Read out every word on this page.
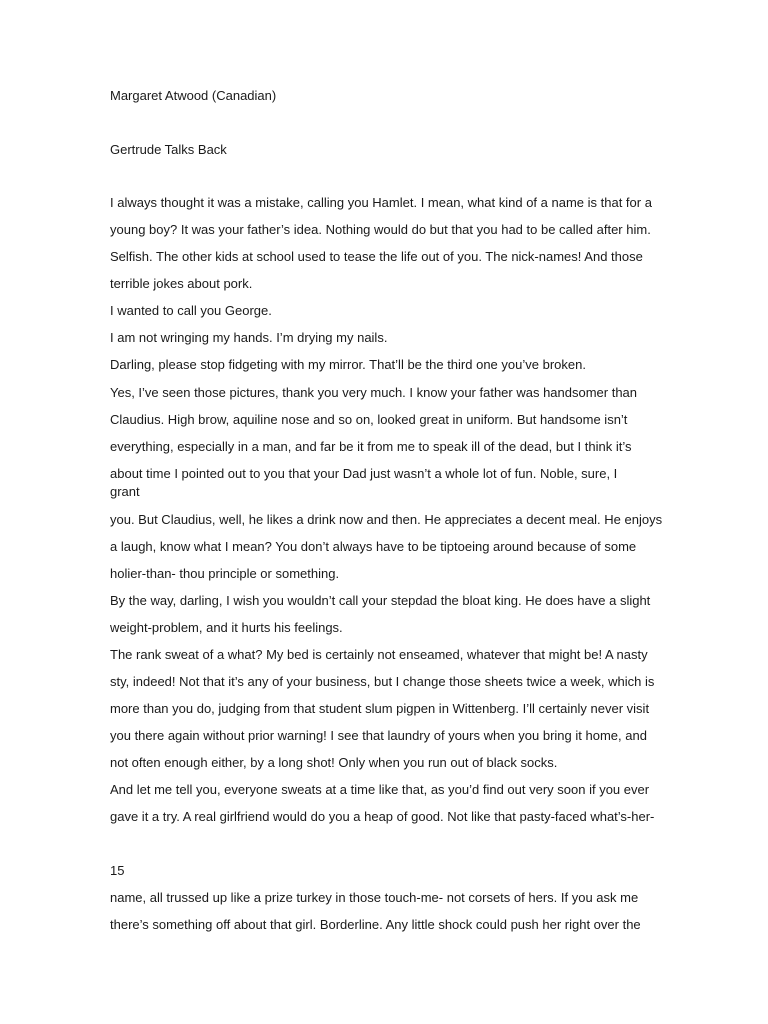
Margaret Atwood (Canadian)
Gertrude Talks Back
I always thought it was a mistake, calling you Hamlet. I mean, what kind of a name is that for a
young boy? It was your father’s idea. Nothing would do but that you had to be called after him.
Selfish. The other kids at school used to tease the life out of you. The nick-names! And those
terrible jokes about pork.
I wanted to call you George.
I am not wringing my hands. I’m drying my nails.
Darling, please stop fidgeting with my mirror. That’ll be the third one you’ve broken.
Yes, I’ve seen those pictures, thank you very much. I know your father was handsomer than
Claudius. High brow, aquiline nose and so on, looked great in uniform. But handsome isn’t
everything, especially in a man, and far be it from me to speak ill of the dead, but I think it’s
about time I pointed out to you that your Dad just wasn’t a whole lot of fun. Noble, sure, I
grant
you. But Claudius, well, he likes a drink now and then. He appreciates a decent meal. He enjoys
a laugh, know what I mean? You don’t always have to be tiptoeing around because of some
holier-than- thou principle or something.
By the way, darling, I wish you wouldn’t call your stepdad the bloat king. He does have a slight
weight-problem, and it hurts his feelings.
The rank sweat of a what? My bed is certainly not enseamed, whatever that might be! A nasty
sty, indeed! Not that it’s any of your business, but I change those sheets twice a week, which is
more than you do, judging from that student slum pigpen in Wittenberg. I’ll certainly never visit
you there again without prior warning! I see that laundry of yours when you bring it home, and
not often enough either, by a long shot! Only when you run out of black socks.
And let me tell you, everyone sweats at a time like that, as you’d find out very soon if you ever
gave it a try. A real girlfriend would do you a heap of good. Not like that pasty-faced what’s-her-
15
name, all trussed up like a prize turkey in those touch-me- not corsets of hers. If you ask me
there’s something off about that girl. Borderline. Any little shock could push her right over the
